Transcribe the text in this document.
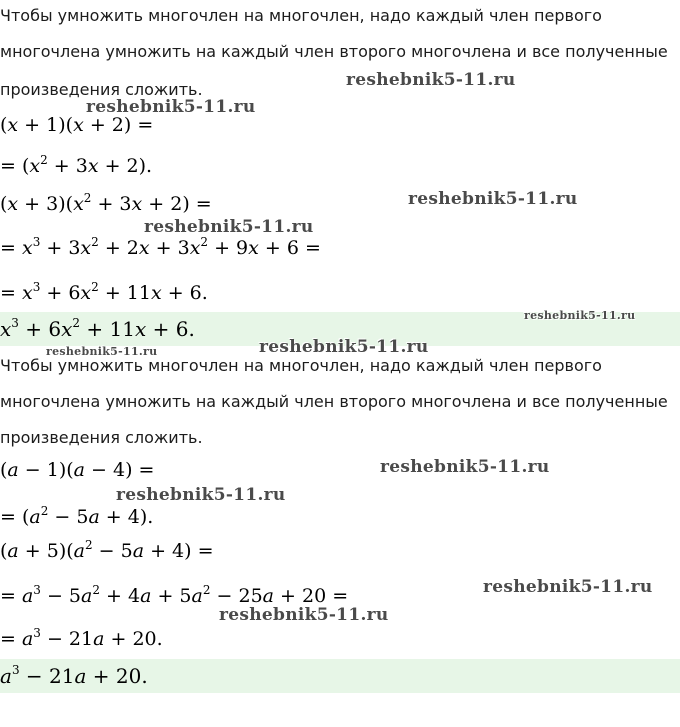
Чтобы умножить многочлен на многочлен, надо каждый член первого
многочлена умножить на каждый член второго многочлена и все полученные
произведения сложить.
(x + 1)(x + 2) =
= $(x^2 + 3x + 2)$.
$(x + 3)(x^2 + 3x + 2)$ =
= $x^3 + 3x^2 + 2x + 3x^2 + 9x + 6$ =
= $x^3 + 6x^2 + 11x + 6$.
$x^3 + 6x^2 + 11x + 6$.
Чтобы умножить многочлен на многочлен, надо каждый член первого
многочлена умножить на каждый член второго многочлена и все полученные
произведения сложить.
(a − 1)(a − 4) =
= $(a^2 - 5a + 4)$.
$(a + 5)(a^2 - 5a + 4)$ =
= $a^3 - 5a^2 + 4a + 5a^2 - 25a + 20$ =
= $a^3 - 21a + 20$.
$a^3 - 21a + 20$.
reshebnik5-11.ru
reshebnik5-11.ru
reshebnik5-11.ru
reshebnik5-11.ru
reshebnik5-11.ru
reshebnik5-11.ru	reshebnik5-11.ru
reshebnik5-11.ru
reshebnik5-11.ru
reshebnik5-11.ru
reshebnik5-11.ru
